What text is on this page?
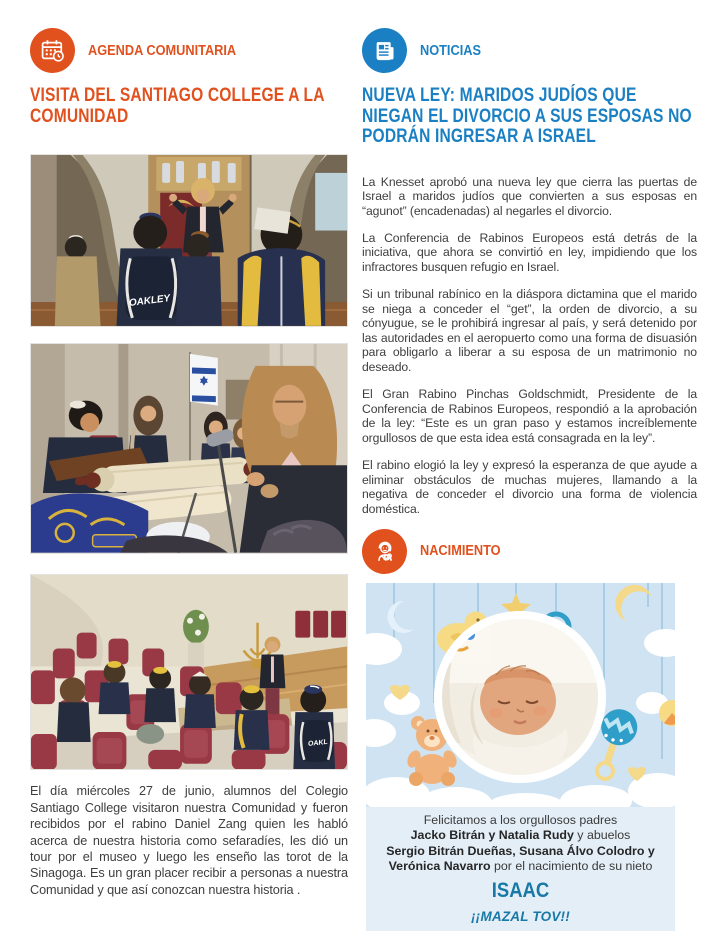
AGENDA COMUNITARIA
VISITA DEL SANTIAGO COLLEGE A LA COMUNIDAD
OAKLEY
OAKL

El día miércoles 27 de junio, alumnos del Colegio Santiago College visitaron nuestra Comunidad y fueron recibidos por el rabino Daniel Zang quien les habló acerca de nuestra historia como sefaradíes, les dió un tour por el museo y luego les enseño las torot de la Sinagoga. Es un gran placer recibir a personas a nuestra Comunidad y que así conozcan nuestra historia .

NOTICIAS
NUEVA LEY: MARIDOS JUDÍOS QUE NIEGAN EL DIVORCIO A SUS ESPOSAS NO PODRÁN INGRESAR A ISRAEL

La Knesset aprobó una nueva ley que cierra las puertas de Israel a maridos judíos que convierten a sus esposas en “agunot” (encadenadas) al negarles el divorcio.

La Conferencia de Rabinos Europeos está detrás de la iniciativa, que ahora se convirtió en ley, impidiendo que los infractores busquen refugio en Israel.

Si un tribunal rabínico en la diáspora dictamina que el marido se niega a conceder el “get”, la orden de divorcio, a su cónyugue, se le prohibirá ingresar al país, y será detenido por las autoridades en el aeropuerto como una forma de disuasión para obligarlo a liberar a su esposa de un matrimonio no deseado.

El Gran Rabino Pinchas Goldschmidt, Presidente de la Conferencia de Rabinos Europeos, respondió a la aprobación de la ley: “Este es un gran paso y estamos increíblemente orgullosos de que esta idea está consagrada en la ley”.

El rabino elogió la ley y expresó la esperanza de que ayude a eliminar obstáculos de muchas mujeres, llamando a la negativa de conceder el divorcio una forma de violencia doméstica.

NACIMIENTO
Felicitamos a los orgullosos padres
Jacko Bitrán y Natalia Rudy y abuelos
Sergio Bitrán Dueñas, Susana Álvo Colodro y Verónica Navarro por el nacimiento de su nieto
ISAAC
¡¡MAZAL TOV!!
